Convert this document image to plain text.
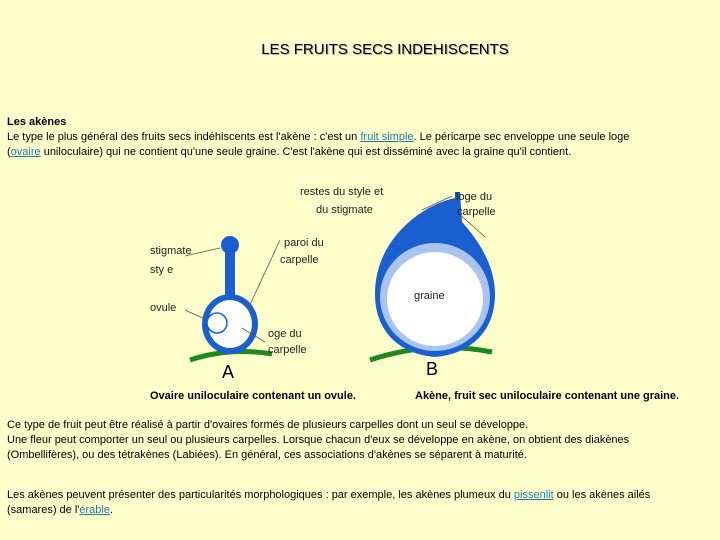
LES FRUITS SECS INDEHISCENTS
Les akènes
Le type le plus général des fruits secs indéhiscents est l'akène : c'est un fruit simple. Le péricarpe sec enveloppe une seule loge
(ovaire uniloculaire) qui ne contient qu'une seule graine. C'est l'akène qui est disséminé avec la graine qu'il contient.
stigmate
sty e
ovule
paroi du
carpelle
oge du
carpelle
A
restes du style et
du stigmate
loge du
carpelle
graine
B
Ovaire uniloculaire contenant un ovule.	Akène, fruit sec uniloculaire contenant une graine.
Ce type de fruit peut être réalisé à partir d'ovaires formés de plusieurs carpelles dont un seul se développe.
Une fleur peut comporter un seul ou plusieurs carpelles. Lorsque chacun d'eux se développe en akène, on obtient des diakènes
(Ombellifères), ou des tétrakènes (Labiées). En général, ces associations d'akènes se séparent à maturité.
Les akènes peuvent présenter des particularités morphologiques : par exemple, les akènes plumeux du pissenlit ou les akènes ailés
(samares) de l'érable.
